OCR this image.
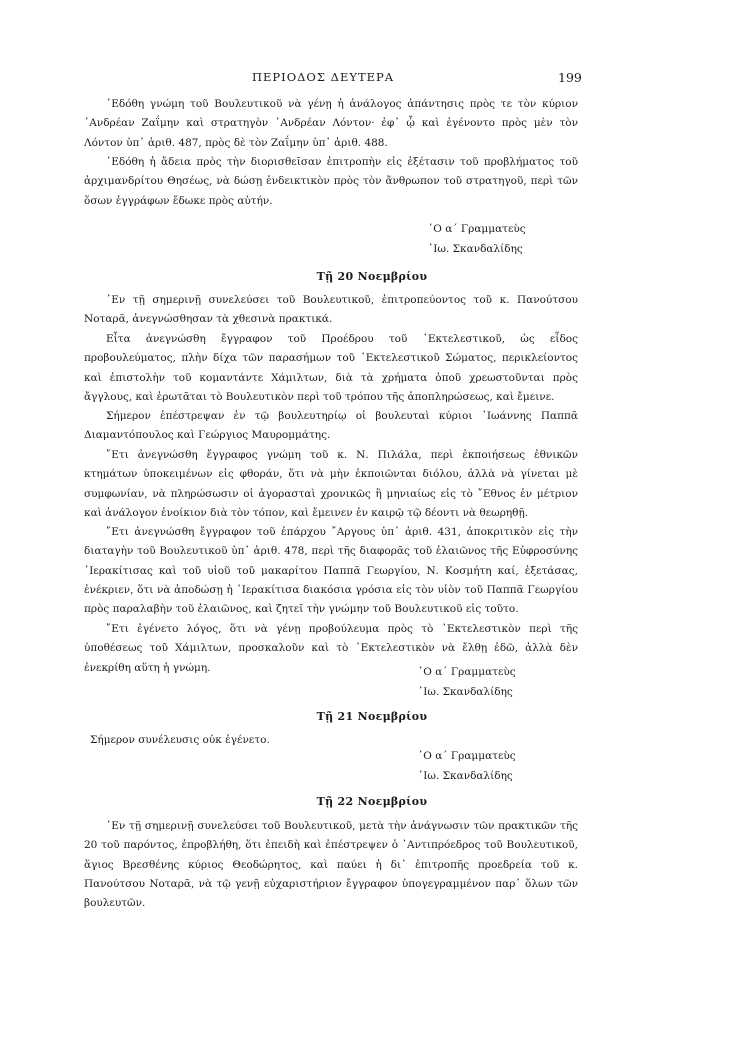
ΠΕΡΙΟΔΟΣ ΔΕΥΤΕΡΑ	199

᾿Εδόθη γνώμη τοῦ Βουλευτικοῦ νὰ γένῃ ἡ ἀνάλογος ἀπάντησις πρὸς τε τὸν κύριον ᾿Ανδρέαν Ζαΐμην καὶ στρατηγὸν ᾿Ανδρέαν Λόντον· ἐφ᾿ ᾧ καὶ ἐγένοντο πρὸς μὲν τὸν Λόντον ὑπ᾿ ἀριθ. 487, πρὸς δὲ τὸν Ζαΐμην ὑπ᾿ ἀριθ. 488.

᾿Εδόθη ἡ ἄδεια πρὸς τὴν διορισθεῖσαν ἐπιτροπὴν εἰς ἐξέτασιν τοῦ προβλήματος τοῦ ἀρχιμανδρίτου Θησέως, νὰ δώσῃ ἐνδεικτικὸν πρὸς τὸν ἄνθρωπον τοῦ στρατηγοῦ, περὶ τῶν ὅσων ἐγγράφων ἔδωκε πρὸς αὐτήν.

῾Ο α΄ Γραμματεὺς
᾿Ιω. Σκανδαλίδης
Τῇ 20 Νοεμβρίου

᾿Εν τῇ σημερινῇ συνελεύσει τοῦ Βουλευτικοῦ, ἐπιτροπεύοντος τοῦ κ. Πανούτσου Νοταρᾶ, ἀνεγνώσθησαν τὰ χθεσινὰ πρακτικά.

Εἶτα ἀνεγνώσθη ἔγγραφον τοῦ Προέδρου τοῦ ᾿Εκτελεστικοῦ, ὡς εἶδος προβουλεύματος, πλὴν δίχα τῶν παρασήμων τοῦ ᾿Εκτελεστικοῦ Σώματος, περικλείοντος καὶ ἐπιστολὴν τοῦ κομαντάντε Χάμιλτων, διὰ τὰ χρήματα ὁποῦ χρεωστοῦνται πρὸς ἄγγλους, καὶ ἐρωτᾶται τὸ Βουλευτικὸν περὶ τοῦ τρόπου τῆς ἀποπληρώσεως, καὶ ἔμεινε.

Σήμερον ἐπέστρεψαν ἐν τῷ βουλευτηρίῳ οἱ βουλευταὶ κύριοι ᾿Ιωάννης Παππᾶ Διαμαντόπουλος καὶ Γεώργιος Μαυρομμάτης.

῎Ετι ἀνεγνώσθη ἔγγραφος γνώμη τοῦ κ. Ν. Πιλάλα, περὶ ἐκποιήσεως ἐθνικῶν κτημάτων ὑποκειμένων εἰς φθοράν, ὅτι νὰ μὴν ἐκποιῶνται διόλου, ἀλλὰ νὰ γίνεται μὲ συμφωνίαν, νὰ πληρώσωσιν οἱ ἀγορασταὶ χρονικῶς ἢ μηνιαίως εἰς τὸ ῎Εθνος ἐν μέτριον καὶ ἀνάλογον ἐνοίκιον διὰ τὸν τόπον, καὶ ἔμεινεν ἐν καιρῷ τῷ δέοντι νὰ θεωρηθῇ.

῎Ετι ἀνεγνώσθη ἔγγραφον τοῦ ἐπάρχου ῎Αργους ὑπ᾿ ἀριθ. 431, ἀποκριτικὸν εἰς τὴν διαταγὴν τοῦ Βουλευτικοῦ ὑπ᾿ ἀριθ. 478, περὶ τῆς διαφορᾶς τοῦ ἐλαιῶνος τῆς Εὐφροσύνης ῾Ιερακίτισας καὶ τοῦ υἱοῦ τοῦ μακαρίτου Παππᾶ Γεωργίου, Ν. Κοσμήτη καί, ἐξετάσας, ἐνέκριεν, ὅτι νὰ ἀποδώσῃ ἡ ῾Ιερακίτισα διακόσια γρόσια εἰς τὸν υἱὸν τοῦ Παππᾶ Γεωργίου πρὸς παραλαβὴν τοῦ ἐλαιῶνος, καὶ ζητεῖ τὴν γνώμην τοῦ Βουλευτικοῦ εἰς τοῦτο.

῎Ετι ἐγένετο λόγος, ὅτι νὰ γένῃ προβούλευμα πρὸς τὸ ᾿Εκτελεστικὸν περὶ τῆς ὑποθέσεως τοῦ Χάμιλτων, προσκαλοῦν καὶ τὸ ᾿Εκτελεστικὸν νὰ ἔλθῃ ἐδῶ, ἀλλὰ δὲν ἐνεκρίθη αὕτη ἡ γνώμη.	῾Ο α΄ Γραμματεὺς
᾿Ιω. Σκανδαλίδης
Τῇ 21 Νοεμβρίου

Σήμερον συνέλευσις οὐκ ἐγένετο.

῾Ο α΄ Γραμματεὺς
᾿Ιω. Σκανδαλίδης
Τῇ 22 Νοεμβρίου

᾿Εν τῇ σημερινῇ συνελεύσει τοῦ Βουλευτικοῦ, μετὰ τὴν ἀνάγνωσιν τῶν πρακτικῶν τῆς 20 τοῦ παρόντος, ἐπροβλήθη, ὅτι ἐπειδὴ καὶ ἐπέστρεψεν ὁ ᾿Αντιπρόεδρος τοῦ Βουλευτικοῦ, ἅγιος Βρεσθένης κύριος Θεοδώρητος, καὶ παύει ἡ δι᾿ ἐπιτροπῆς προεδρεία τοῦ κ. Πανούτσου Νοταρᾶ, νὰ τῷ γενῇ εὐχαριστήριον ἔγγραφον ὑπογεγραμμένον παρ᾿ ὅλων τῶν βουλευτῶν.
